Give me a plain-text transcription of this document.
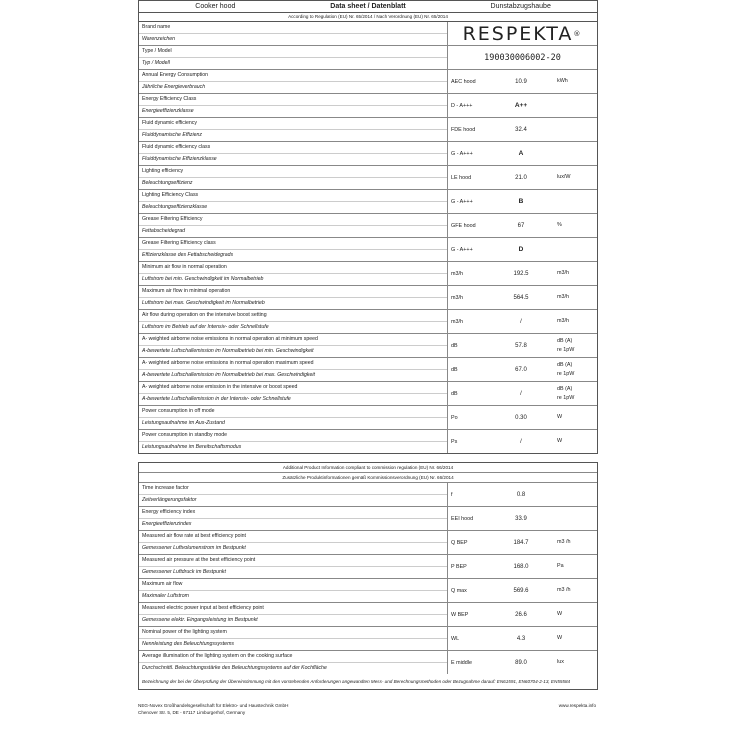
Cooker hood	Data sheet / Datenblatt	Dunstabzugshaube
According to Regulation (EU) Nr. 65/2014 / Nach Verordnung (EU) Nr. 65/2014
Brand name
Warenzeichen	RESPEKTA ®
Type / Model
Typ / Modell
190030006002-20
Annual Energy Consumption
Jährliche Energieverbrauch
AEC hood	10.9	kWh
Energy Efficiency Class
Energieeffizienzklasse
D - A+++	A++
Fluid dynamic efficiency
Fluiddynamische Effizienz
FDE hood	32.4
Fluid dynamic efficiency class
Fluiddynamische Effizienzklasse
G - A+++	A
Lighting efficiency
Beleuchtungseffizienz
LE hood	21.0	lux/W
Lighting Efficiency Class
Beleuchtungseffizienzklasse
G - A+++	B
Grease Filtering Efficiency
Fettabscheidegrad
GFE hood	67	%
Grease Filtering Efficiency class
Effizienzklasse des Fettabscheidegrads
G - A+++	D
Minimum air flow in normal operation
Luftstrom bei min. Geschwindigkeit im Normalbetrieb
m3/h	192.5	m3/h
Maximum air flow in minimal operation
Luftstrom bei max. Geschwindigkeit im Normalbetrieb
m3/h	564.5	m3/h
Air flow during operation on the intensive boost setting
Luftstrom im Betrieb auf der Intensiv- oder Schnellstufe
m3/h	/	m3/h
A- weighted airborne noise emissions in normal operation at minimum speed
A-bewertete Luftschallemission im Normalbetrieb bei min. Geschwindigkeit
dB	57.8
dB (A)
re 1pW
A- weighted airborne noise emissions in normal operation maximum speed
A-bewertete Luftschallemission im Normalbetrieb bei max. Geschwindigkeit
dB	67.0
dB (A)
re 1pW
A- weighted airborne noise emission in the intensive or boost speed
A-bewertete Luftschallemission in der Intensiv- oder Schnellstufe
dB	/
dB (A)
re 1pW
Power consumption in off mode
Leistungsaufnahme im Aus-Zustand
Po	0.30	W
Power consumption in standby mode
Leistungsaufnahme im Bereitschaftsmodus
Ps	/	W
Additional Product Information compliant to commission regulation (EU) Nr. 66/2014
Zusätzliche Produktinformationen gemäß Kommissionsverordnung (EU) Nr. 66/2014
Time increase factor
Zeitverlängerungsfaktor
f	0.8
Energy efficiency index
Energieeffizienzindex
EEI hood	33.9
Measured air flow rate at best efficiency point
Gemessener Luftvolumenstrom im Bestpunkt
Q BEP	184.7	m3 /h
Measured air pressure at the best efficiency point
Gemessener Luftdruck im Bestpunkt
P BEP	168.0	Pa
Maximum air flow
Maximaler Luftstrom
Q max	569.6	m3 /h
Measured electric power input at best efficiency point
Gemessene elektr. Eingangsleistung im Bestpunkt
W BEP	26.6	W
Nominal power of the lighting system
Nennleistung des Beleuchtungssystems
WL	4.3	W
Average illumination of the lighting system on the cooking surface
Durchschnittl. Beleuchtungsstärke des Beleuchtungssystems auf der Kochfläche
E middle	89.0	lux
Bezeichnung der bei der Überprüfung der Übereinstimmung mit den vorstehenden Anforderungen angewandten Mess- und Berechnungsmethoden oder Bezugnahme darauf: EN61591, EN60704-2-13, EN55584
NEG-Novex Großhandelsgesellschaft für Elektro- und Haustechnik GmbH
Chenover Str. 5, DE - 67117 Limburgerhof, Germany
www.respekta.info
